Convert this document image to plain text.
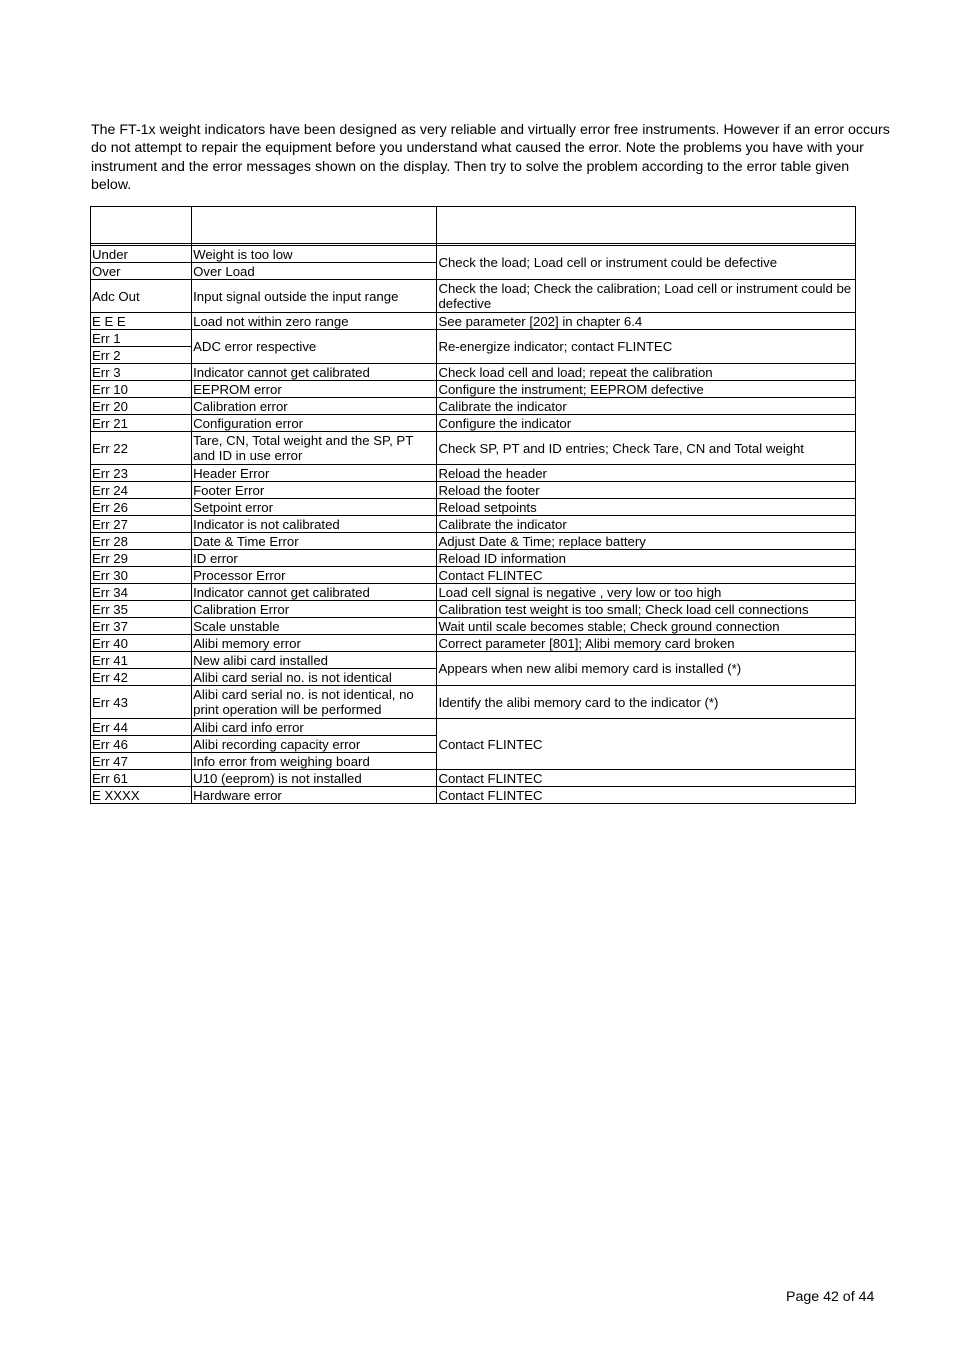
The FT-1x weight indicators have been designed as very reliable and virtually error free instruments. However if an error occurs do not attempt to repair the equipment before you understand what caused the error. Note the problems you have with your instrument and the error messages shown on the display. Then try to solve the problem according to the error table given below.

Under	Weight is too low	Check the load; Load cell or instrument could be defective
Over	Over Load	
Adc Out	Input signal outside the input range	Check the load; Check the calibration; Load cell or instrument could be defective
E E E	Load not within zero range	See parameter [202] in chapter 6.4
Err 1	ADC error respective	Re-energize indicator; contact FLINTEC
Err 2		
Err 3	Indicator cannot get calibrated	Check load cell and load; repeat the calibration
Err 10	EEPROM error	Configure the instrument; EEPROM defective
Err 20	Calibration error	Calibrate the indicator
Err 21	Configuration error	Configure the indicator
Err 22	Tare, CN, Total weight and the SP, PT and ID in use error	Check SP, PT and ID entries; Check Tare, CN and Total weight
Err 23	Header Error	Reload the header
Err 24	Footer Error	Reload the footer
Err 26	Setpoint error	Reload setpoints
Err 27	Indicator is not calibrated	Calibrate the indicator
Err 28	Date & Time Error	Adjust Date & Time; replace battery
Err 29	ID error	Reload ID information
Err 30	Processor Error	Contact FLINTEC
Err 34	Indicator cannot get calibrated	Load cell signal is negative , very low or too high
Err 35	Calibration Error	Calibration test weight is too small; Check load cell connections
Err 37	Scale unstable	Wait until scale becomes stable; Check ground connection
Err 40	Alibi memory error	Correct parameter [801]; Alibi memory card broken
Err 41	New alibi card installed	Appears when new alibi memory card is installed (*)
Err 42	Alibi card serial no. is not identical	
Err 43	Alibi card serial no. is not identical, no print operation will be performed	Identify the alibi memory card to the indicator (*)
Err 44	Alibi card info error	Contact FLINTEC
Err 46	Alibi recording capacity error	
Err 47	Info error from weighing board	
Err 61	U10 (eeprom) is not installed	Contact FLINTEC
E XXXX	Hardware error	Contact FLINTEC
Page 42 of 44
